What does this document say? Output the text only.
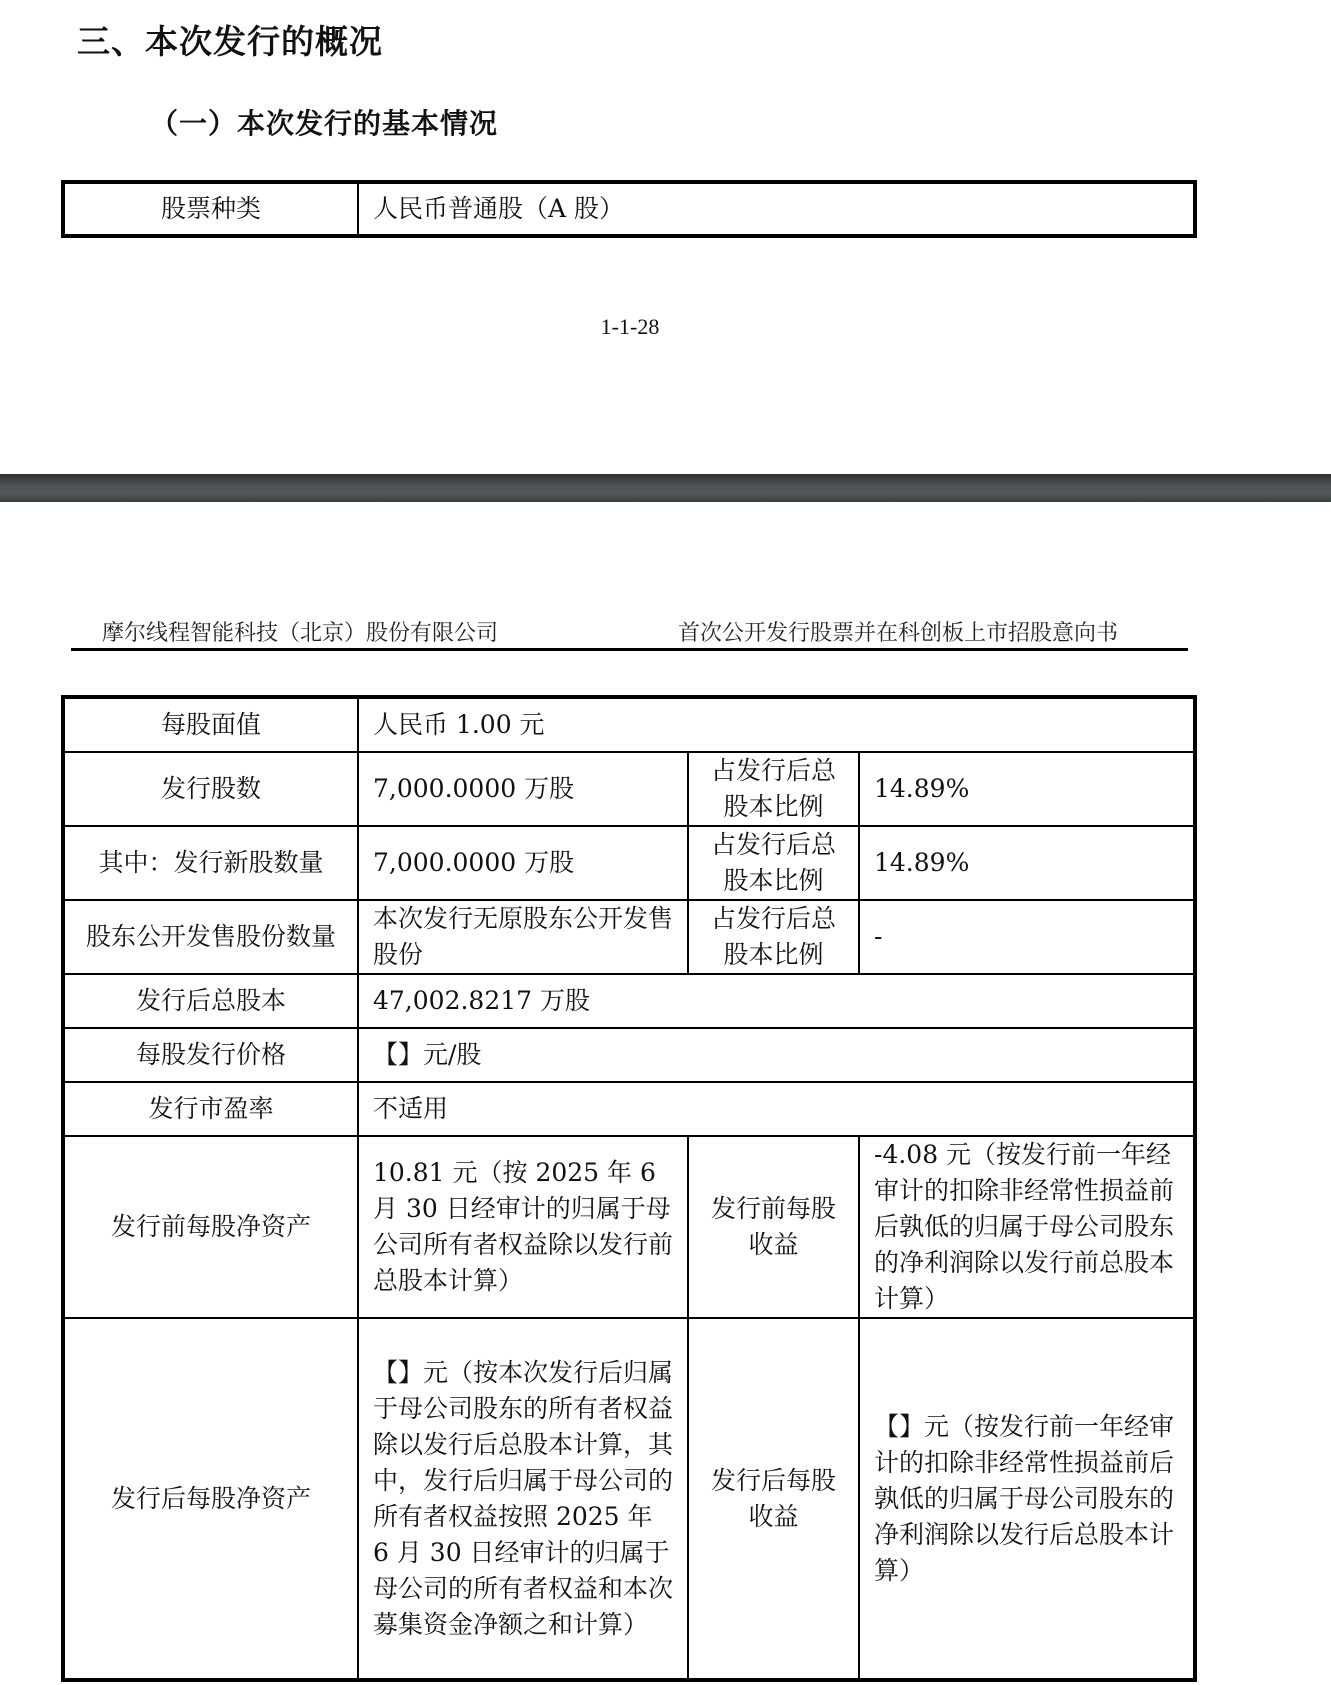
三、本次发行的概况
（一）本次发行的基本情况
股票种类	人民币普通股（A 股）
1-1-28
摩尔线程智能科技（北京）股份有限公司	首次公开发行股票并在科创板上市招股意向书
每股面值	人民币 1.00 元		
发行股数	7,000.0000 万股	占发行后总股本比例	14.89%
其中：发行新股数量	7,000.0000 万股	占发行后总股本比例	14.89%
股东公开发售股份数量	本次发行无原股东公开发售股份	占发行后总股本比例	-
发行后总股本	47,002.8217 万股		
每股发行价格	【】元/股		
发行市盈率	不适用		
发行前每股净资产	10.81 元（按 2025 年 6 月 30 日经审计的归属于母公司所有者权益除以发行前总股本计算）	发行前每股收益	-4.08 元（按发行前一年经审计的扣除非经常性损益前后孰低的归属于母公司股东的净利润除以发行前总股本计算）
发行后每股净资产	【】元（按本次发行后归属于母公司股东的所有者权益除以发行后总股本计算，其中，发行后归属于母公司的所有者权益按照 2025 年 6 月 30 日经审计的归属于母公司的所有者权益和本次募集资金净额之和计算）	发行后每股收益	【】元（按发行前一年经审计的扣除非经常性损益前后孰低的归属于母公司股东的净利润除以发行后总股本计算）
